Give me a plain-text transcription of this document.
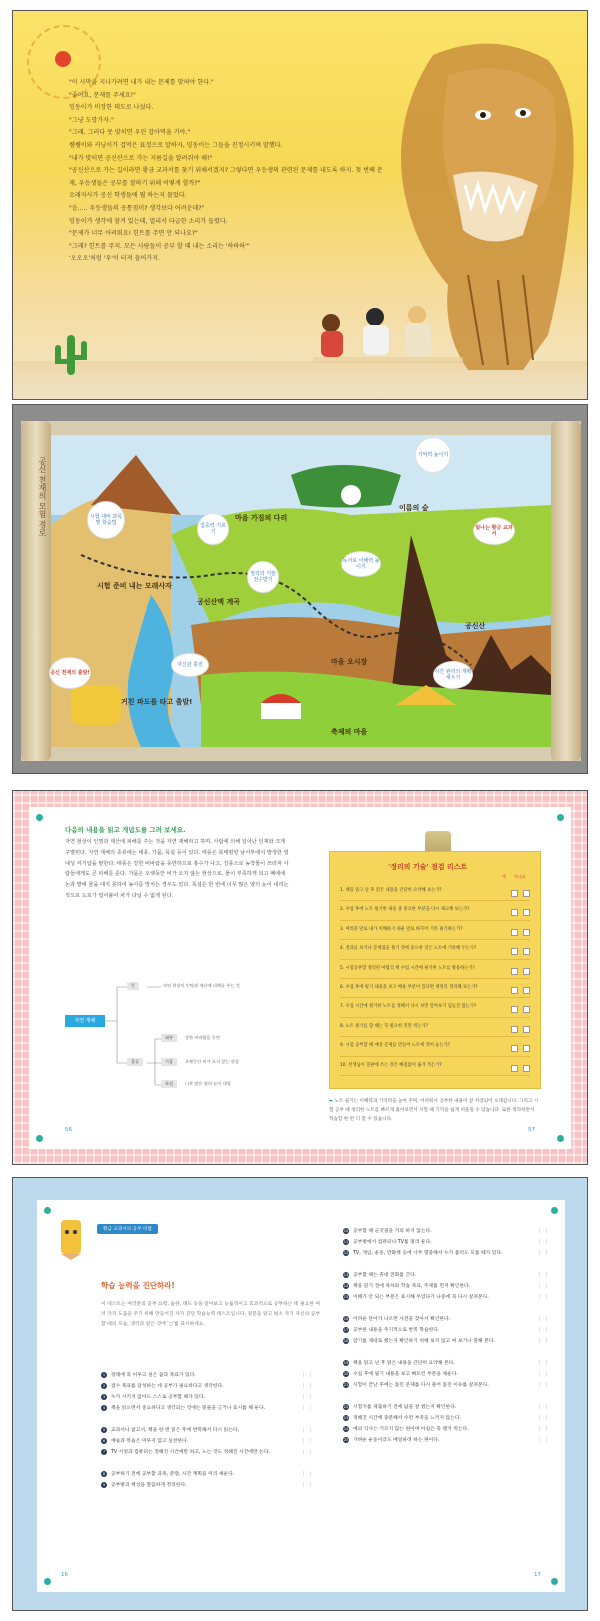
"이 사막을 지나가려면 내가 내는 문제를 맞혀야 한다."

"좋아요, 문제를 주세요!"

밍동이가 비장한 태도로 나섰다.

"그냥 도망가자."

"그래, 그러다 못 맞히면 우린 잡아먹을 거야."

쌤쌤이와 커닝이가 겁먹은 표정으로 말하자, 밍동이는 그들을 진정시키며 말했다.

"내가 맞히면 공신산으로 가는 지름길을 알려줘야 해!"

"공신산으로 가는 길이라면 황금 교과서를 찾기 위해서겠지? 그렇다면 우등생의 관련된 문제를 내도록 하지. 첫 번째 문제, 우등생들은 공부를 잘하기 위해 어떻게 할까?"

오래자사가 공신 학생들에 뭘 하는지 물었다.

"음..... 우등생들의 공통점이? 생각보다 어려운데?"

밍동이가 생각에 잠겨 있는데, 멀리서 다급한 소리가 들렸다.

"문제가 너무 어려워요! 힌트를 주면 안 되나요?"

"그래? 힌트를 주지. 모든 사람들이 공부 할 때 내는 소리는 '하하하'"

'오오오'처럼 '우'이 터져 들어가지.

공신 천재의 모험 경로	이름의 숲
기억력 높이기
시험 대비 과목별 학습법	집중력 기르기
마음 가짐의 다리
독서로 이해력 높이기
빛나는 황금 교과서
시험 준비 내는 모래사자
정리의 기술 전수받기
공신산맥 계곡
공신산
공신 천재의 출발!
자신감 충전	마을 오시장
시간 관리의 계획 세우기
거친 파도를 타고 출발!
축제의 마을
다음의 내용을 읽고 개념도를 그려 보세요.
자연 현상이 인명과 재산에 피해를 주는 것을 자연 재해라고 하며, 사람에 의해 일어난 인재와 크게 구별된다. 자연 재해의 종류에는 태풍, 가뭄, 폭설 등이 있다. 태풍은 북태평양 남서부에서 발생한 열대성 저기압을 말한다. 태풍은 강한 비바람을 동반하므로 홍수가 나고, 강풍으로 농작물이 쓰러져 사람들에게도 큰 피해를 준다. 가뭄은 오랫동안 비가 오지 않는 현상으로, 물이 부족하게 되고 폐에에 논과 밭에 물을 대지 못하여 농사를 망치는 경우도 있다. 폭설은 한 번에 너무 많은 양의 눈이 내리는 것으로 도로가 얼어붙어 차가 다닐 수 없게 된다.
자연 재해
뜻	자연 현상이 인명과 재산에 피해를 주는 것
종류
태풍	강한 비바람을 동반
가뭄	오랫동안 비가 오지 않는 현상
폭설	너무 많은 양의 눈이 내림
'정리의 기술' 점검 리스트
예 아니요
1. 책을 읽고 난 후 읽은 내용을 간단히 요약해 보는가?
2. 수업 후에 노트 필기한 내용 중 중요한 부분을 다시 체크해 보는가?
3. 여러분 말로 내가 이해하기 쉬운 말로 바꾸어 기록 필기하는가?
4. 전과를 보거나 문제집을 풀기 전에 중요한 것은 노트에 기록해 두는가?
5. 시험공부할 정리된 마법의 책 수업 시간에 필기한 노트를 활용하는가?
6. 수업 후에 필기 내용을 보고 배운 부분이 있다면 재정리 정리해 보는가?
7. 수업 시간에 필기한 노트를 정해서 다시 보면 알아보기 힘들진 않는가?
8. 노트 필기를 할 때는 꼭 필요한 것만 적는가?
9. 시험 공부할 때 예상 문제를 만들어 노트에 적어 놓는가?
10. 선생님이 칠판에 쓰는 것은 빠짐없이 옮겨 적는가?
➡ 노트 필기는 이해력과 기억력을 높여 주며, 어려워서 공부한 내용이 잘 저장되어 오래갑니다. 그리고 시험 공부 때 정리한 노트를 빠르게 훑어보면서 시험 때 기억을 쉽게 떠올릴 수 있습니다. 또한 정리하면서 학습할 한 번 더 할 수 있습니다.
56	57
황금 교과서의 공부 비법
학습 능력을 진단하라!
이 테스트는 여러분의 공부 요령, 습관, 태도 등을 알아보고 능률적이고 효과적으로 공부하는 데 필요한 여러 가지 도움을 주기 위해 만들어진 자가 진단 학습능력 테스트입니다. 질문을 읽고 평소 자기 자신의 공부할 때의 모습, 생각과 같은 것에 '○'를 표시하세요.
1 장래에 꼭 이루고 싶은 꿈과 목표가 있다.	|　|
2 점수 목표를 달성하는 데 공부가 필요하다고 생각한다.	|　|
3 누가 시키지 않아도 스스로 공부할 때가 있다.	|　|
4 책을 읽으면서 중요하다고 생각되는 것에는 밑줄을 긋거나 표시를 해 둔다.	|　|
5 교과서나 참고서, 책을 한 번 읽은 후에 반복해서 다시 읽는다.	|　|
6 예습과 복습은 미루지 않고 실천한다.	|　|
7 TV 시청과 컴퓨터는 정해진 시간에만 하고, 노는 것도 정해진 시간에만 논다.	|　|
8 공부하기 전에 공부할 과목, 분량, 시간 계획을 미리 세운다.	|　|
9 공부방과 책상을 깔끔하게 정리한다.	|　|
10 공부할 때 군것질을 거의 하지 않는다.	|　|
11 공부방에서 컴퓨터나 TV를 멀리 둔다.	|　|
12 TV, 게임, 운동, 만화책 등에 너무 열중해서 누가 불러도 모를 때가 있다.	|　|
13 공부할 때는 휴대 전화를 끈다.	|　|
14 책을 읽기 전에 목차와 학습 목표, 주제를 먼저 확인한다.	|　|
15 이해가 안 되는 부분은 표시해 두었다가 나중에 꼭 다시 살펴본다.	|　|
16 어려운 단어가 나오면 사전을 찾아서 확인한다.	|　|
17 공부한 내용을 주기적으로 반복 학습한다.	|　|
18 암기를 제대로 했는지 확인하기 위해 보지 않고 써 보거나 말해 본다.	|　|
19 책을 읽고 난 후 읽은 내용을 간단히 요약해 본다.	|　|
20 수업 후에 필기 내용을 보고 빠트린 부분을 채운다.	|　|
21 시험이 끝난 후에는 틀린 문제를 다시 풀어 틀린 이유를 살펴본다.	|　|
22 시험지를 제출하기 전에 답을 잘 썼는지 확인한다.	|　|
23 정해진 시간에 충분해서 수면 부족을 느끼지 않는다.	|　|
24 예의 식사는 거르지 않는 편이며 아침은 꼭 챙겨 먹는다.	|　|
25 가벼운 운동이라도 매일하려 하는 편이다.	|　|
16	17
